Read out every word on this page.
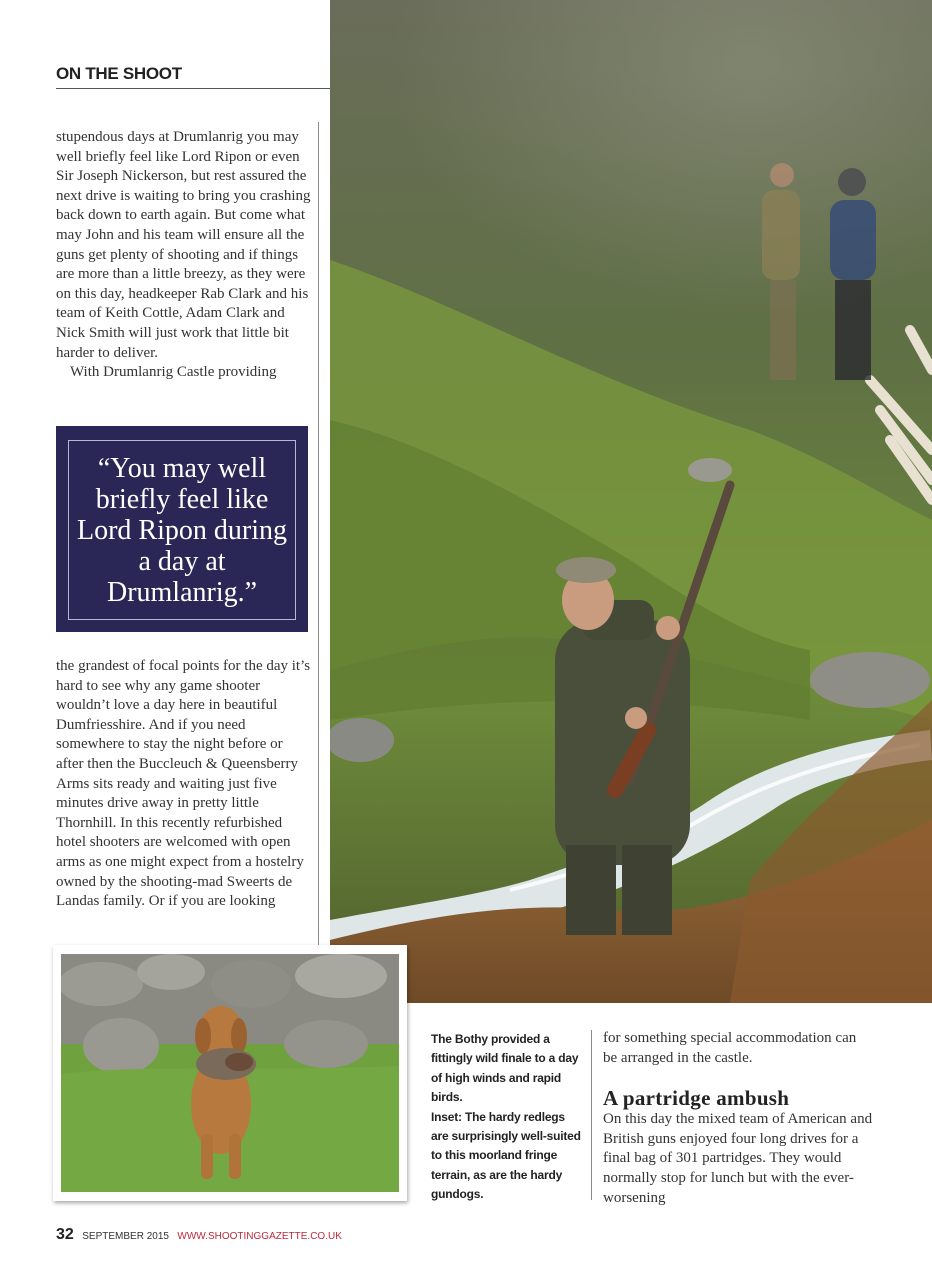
ON THE SHOOT

stupendous days at Drumlanrig you may well briefly feel like Lord Ripon or even Sir Joseph Nickerson, but rest assured the next drive is waiting to bring you crashing back down to earth again. But come what may John and his team will ensure all the guns get plenty of shooting and if things are more than a little breezy, as they were on this day, headkeeper Rab Clark and his team of Keith Cottle, Adam Clark and Nick Smith will just work that little bit harder to deliver.

With Drumlanrig Castle providing

“You may well briefly feel like Lord Ripon during a day at Drumlanrig.”

the grandest of focal points for the day it’s hard to see why any game shooter wouldn’t love a day here in beautiful Dumfriesshire. And if you need somewhere to stay the night before or after then the Buccleuch & Queensberry Arms sits ready and waiting just five minutes drive away in pretty little Thornhill. In this recently refurbished hotel shooters are welcomed with open arms as one might expect from a hostelry owned by the shooting-mad Sweerts de Landas family. Or if you are looking

The Bothy provided a fittingly wild finale to a day of high winds and rapid birds.

Inset: The hardy redlegs are surprisingly well-suited to this moorland fringe terrain, as are the hardy gundogs.

for something special accommodation can be arranged in the castle.

A partridge ambush

On this day the mixed team of American and British guns enjoyed four long drives for a final bag of 301 partridges. They would normally stop for lunch but with the ever-worsening

32 SEPTEMBER 2015 WWW.SHOOTINGGAZETTE.CO.UK
